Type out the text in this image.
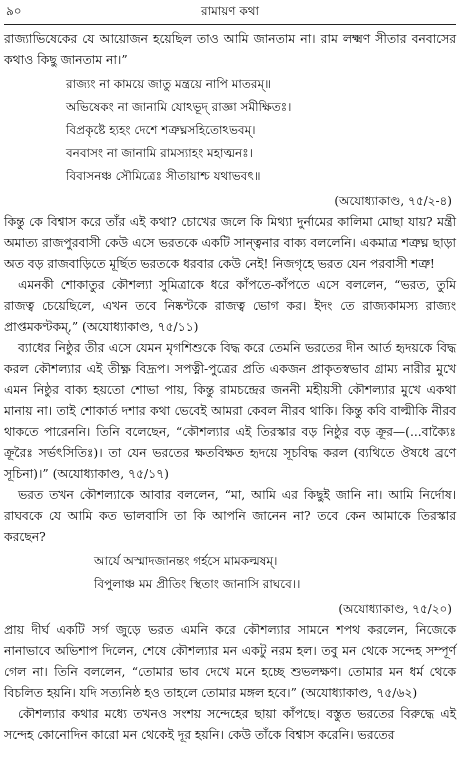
৯০	রামায়ণ কথা

রাজ্যাভিষেকের যে আয়োজন হয়েছিল তাও আমি জানতাম না। রাম লক্ষ্মণ সীতার বনবাসের কথাও কিছু জানতাম না।”

রাজ্যং না কাময়ে জাতু মন্ত্রয়ে নাপি মাতরম্‌॥
অভিষেকং না জানামি যোঽভূদ্‌ রাজ্ঞা সমীক্ষিতঃ।
বিপ্রকৃষ্টে হ্যহং দেশে শত্রুঘ্নসহিতোঽভবম্‌।
বনবাসং না জানামি রামস্যাহং মহাত্মনঃ।
বিবাসনঞ্চ সৌমিত্রেঃ সীতায়াশ্চ যথাভবৎ॥
(অযোধ্যাকাণ্ড, ৭৫/২-৪)

কিন্তু কে বিশ্বাস করে তাঁর এই কথা? চোখের জলে কি মিথ্যা দুর্নামের কালিমা মোছা যায়? মন্ত্রী অমাত্য রাজপুরবাসী কেউ এসে ভরতকে একটি সান্ত্বনার বাক্য বললেনি। একমাত্র শত্রুঘ্ন ছাড়া অত বড় রাজবাড়িতে মূর্ছিত ভরতকে ধরবার কেউ নেই! নিজগৃহে ভরত যেন পরবাসী শত্রু!

এমনকী শোকাতুর কৌশল্যা সুমিত্রাকে ধরে কাঁপতে-কাঁপতে এসে বললেন, “ভরত, তুমি রাজত্ব চেয়েছিলে, এখন তবে নিষ্কণ্টকে রাজত্ব ভোগ কর। ইদং তে রাজ্যকামস্য রাজ্যং প্রাপ্তমকণ্টকম্‌,” (অযোধ্যাকাণ্ড, ৭৫/১১)

ব্যাধের নিষ্ঠুর তীর এসে যেমন মৃগশিশুকে বিদ্ধ করে তেমনি ভরতের দীন আর্ত হৃদয়কে বিদ্ধ করল কৌশল্যার এই তীক্ষ্ণ বিদ্রূপ। সপত্নী-পুত্রের প্রতি একজন প্রাকৃতস্বভাব গ্রাম্য নারীর মুখে এমন নিষ্ঠুর বাক্য হয়তো শোভা পায়, কিন্তু রামচন্দ্রের জননী মহীয়সী কৌশল্যার মুখে একথা মানায় না। তাই শোকার্ত দশার কথা ভেবেই আমরা কেবল নীরব থাকি। কিন্তু কবি বাল্মীকি নীরব থাকতে পারেননি। তিনি বলেছেন, “কৌশল্যার এই তিরস্কার বড় নিষ্ঠুর বড় ক্রূর—(...বাক্যৈঃ ক্রূরৈঃ সর্ভৎসিতিঃ)। তা যেন ভরতের ক্ষতবিক্ষত হৃদয়ে সূচবিদ্ধ করল (ব্যথিতে ঔষধে ব্রণে সূচিনা)।” (অযোধ্যাকাণ্ড, ৭৫/১৭)

ভরত তখন কৌশল্যাকে আবার বললেন, “মা, আমি এর কিছুই জানি না। আমি নির্দোষ। রাঘবকে যে আমি কত ভালবাসি তা কি আপনি জানেন না? তবে কেন আমাকে তিরস্কার করছেন?

আর্যে অস্মাদজানন্তং গর্হসে মামকল্মষম্‌।
বিপুলাঞ্চ মম প্রীতিং স্থিতাং জানাসি রাঘবে।।
(অযোধ্যাকাণ্ড, ৭৫/২০)

প্রায় দীর্ঘ একটি সর্গ জুড়ে ভরত এমনি করে কৌশল্যার সামনে শপথ করলেন, নিজেকে নানাভাবে অভিশাপ দিলেন, শেষে কৌশল্যার মন একটু নরম হল। তবু মন থেকে সন্দেহ সম্পূর্ণ গেল না। তিনি বললেন, “তোমার ভাব দেখে মনে হচ্ছে শুভলক্ষণ। তোমার মন ধর্ম থেকে বিচলিত হয়নি। যদি সত্যনিষ্ঠ হও তাহলে তোমার মঙ্গল হবে।” (অযোধ্যাকাণ্ড, ৭৫/৬২)

কৌশল্যার কথার মধ্যে তখনও সংশয় সন্দেহের ছায়া কাঁপছে। বস্তুত ভরতের বিরুদ্ধে এই সন্দেহ কোনোদিন কারো মন থেকেই দূর হয়নি। কেউ তাঁকে বিশ্বাস করেনি। ভরতের
